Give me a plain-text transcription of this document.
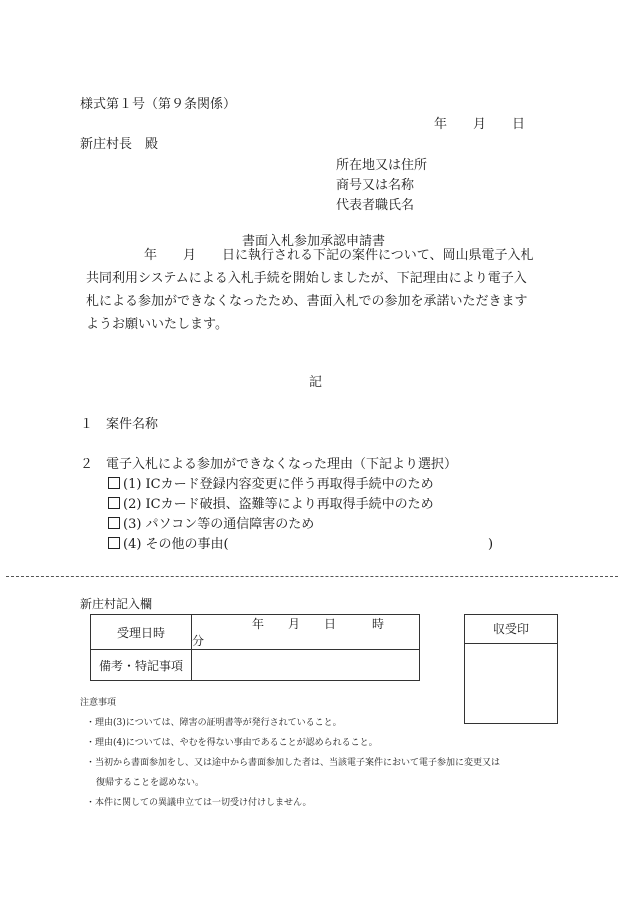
様式第１号（第９条関係）
年　　月　　日
新庄村長　殿
所在地又は住所
商号又は名称
代表者職氏名
書面入札参加承認申請書
年　　月　　日に執行される下記の案件について、岡山県電子入札
共同利用システムによる入札手続を開始しましたが、下記理由により電子入
札による参加ができなくなったため、書面入札での参加を承諾いただきます
ようお願いいたします。
記
１　案件名称
２　電子入札による参加ができなくなった理由（下記より選択）
(1) ICカード登録内容変更に伴う再取得手続中のため
(2) ICカード破損、盗難等により再取得手続中のため
(3) パソコン等の通信障害のため
(4) その他の事由(	)
新庄村記入欄
受理日時	年　　月　　日　　　時　　分
備考・特記事項	
収受印
注意事項
・理由(3)については、障害の証明書等が発行されていること。
・理由(4)については、やむを得ない事由であることが認められること。
・当初から書面参加をし、又は途中から書面参加した者は、当該電子案件において電子参加に変更又は
復帰することを認めない。
・本件に関しての異議申立ては一切受け付けしません。
